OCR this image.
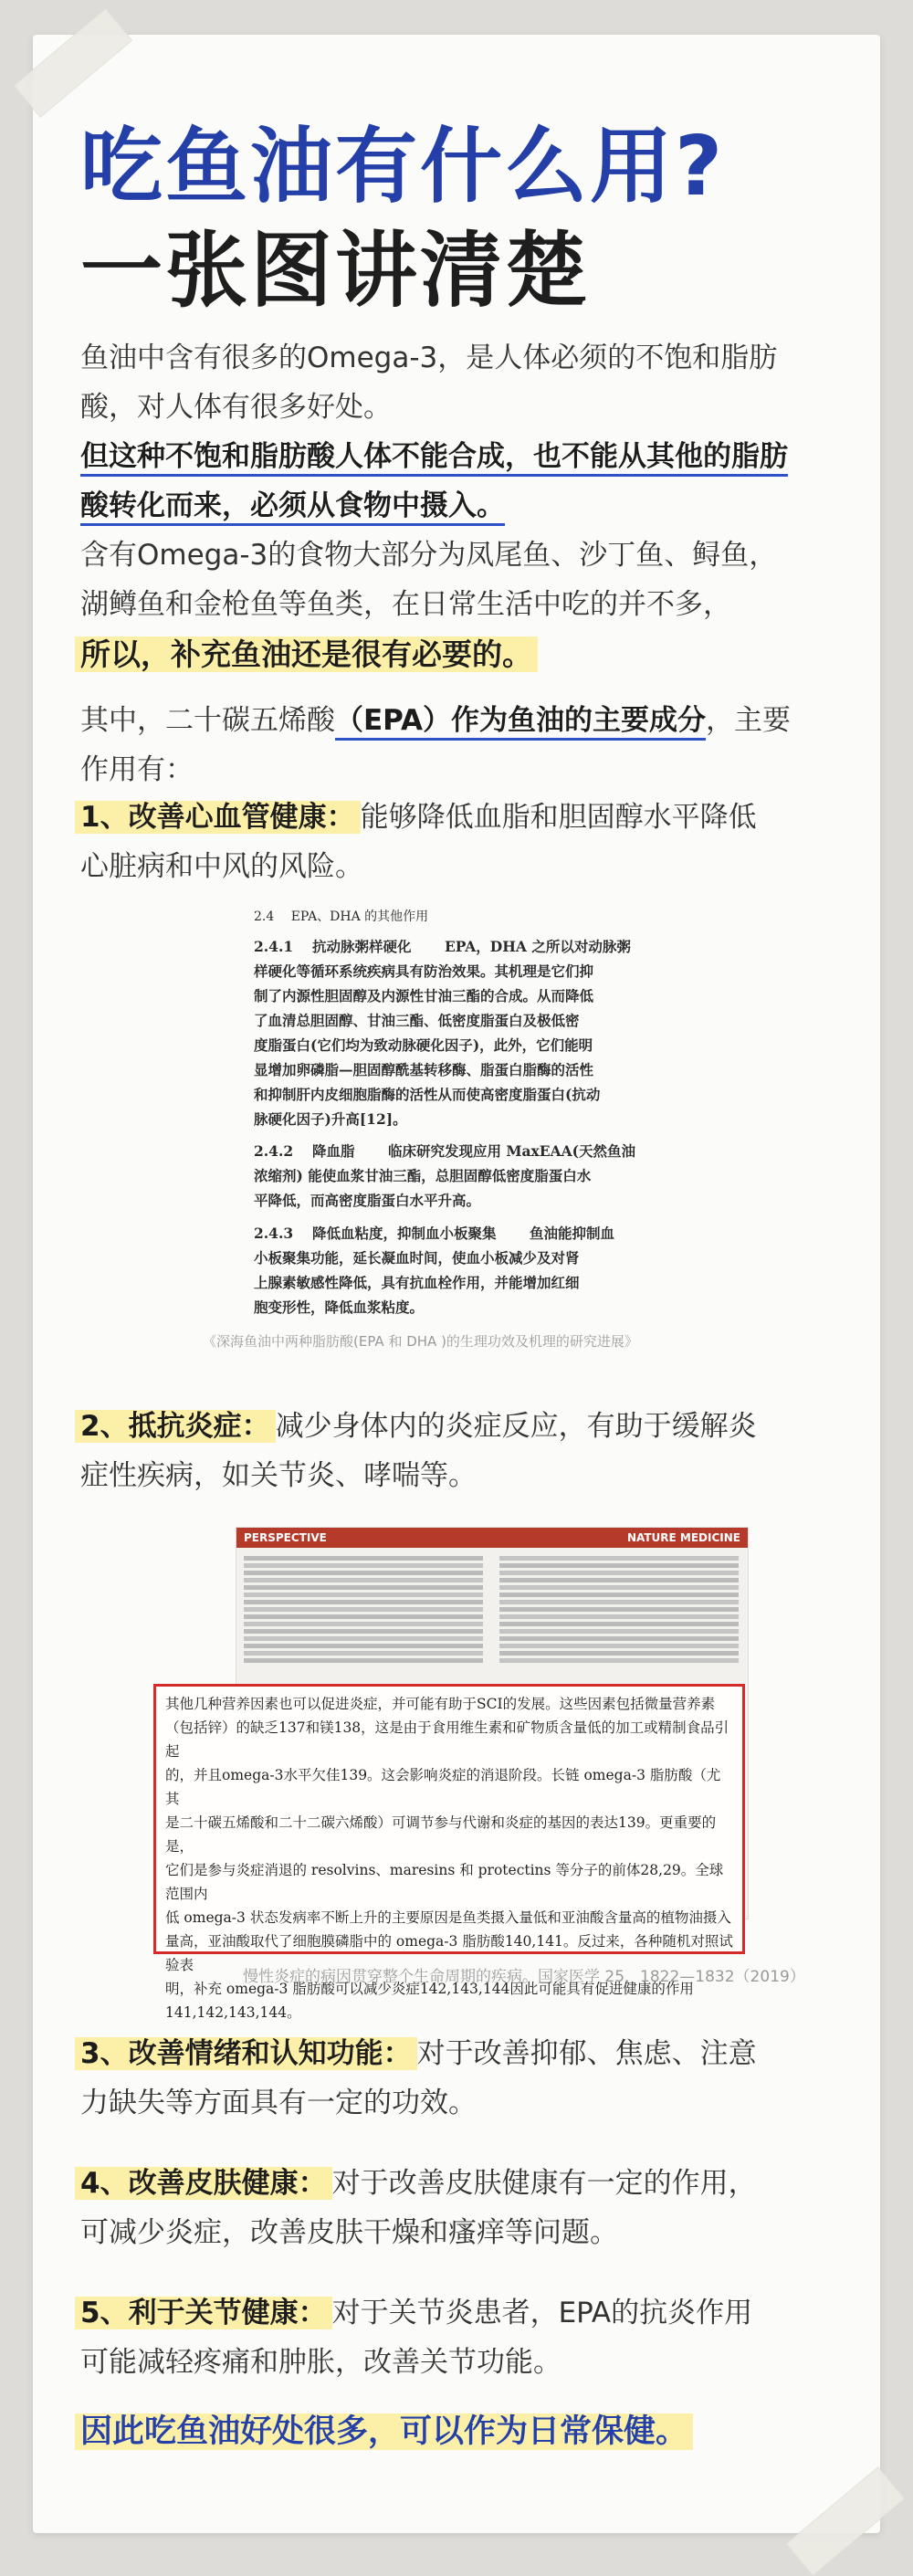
吃鱼油有什么用?
一张图讲清楚
鱼油中含有很多的Omega-3，是人体必须的不饱和脂肪
酸，对人体有很多好处。
但这种不饱和脂肪酸人体不能合成，也不能从其他的脂肪
酸转化而来，必须从食物中摄入。
含有Omega-3的食物大部分为凤尾鱼、沙丁鱼、鲟鱼，
湖鳟鱼和金枪鱼等鱼类，在日常生活中吃的并不多，
所以，补充鱼油还是很有必要的。
其中，二十碳五烯酸（EPA）作为鱼油的主要成分，主要
作用有：
1、改善心血管健康： 能够降低血脂和胆固醇水平降低
心脏病和中风的风险。
2.4　 EPA、DHA 的其他作用
2.4.1　 抗动脉粥样硬化　　 EPA，DHA 之所以对动脉粥
样硬化等循环系统疾病具有防治效果。其机理是它们抑
制了内源性胆固醇及内源性甘油三酯的合成。从而降低
了血清总胆固醇、甘油三酯、低密度脂蛋白及极低密
度脂蛋白(它们均为致动脉硬化因子)，此外，它们能明
显增加卵磷脂—胆固醇酰基转移酶、脂蛋白脂酶的活性
和抑制肝内皮细胞脂酶的活性从而使高密度脂蛋白(抗动
脉硬化因子)升高[12]。
2.4.2　 降血脂　　 临床研究发现应用 MaxEAA(天然鱼油
浓缩剂) 能使血浆甘油三酯，总胆固醇低密度脂蛋白水
平降低，而高密度脂蛋白水平升高。
2.4.3　 降低血粘度，抑制血小板聚集　　 鱼油能抑制血
小板聚集功能，延长凝血时间，使血小板减少及对肾
上腺素敏感性降低，具有抗血栓作用，并能增加红细
胞变形性，降低血浆粘度。
《深海鱼油中两种脂肪酸(EPA 和 DHA )的生理功效及机理的研究进展》
2、抵抗炎症： 减少身体内的炎症反应，有助于缓解炎
症性疾病，如关节炎、哮喘等。
PERSPECTIVE	NATURE MEDICINE
其他几种营养因素也可以促进炎症，并可能有助于SCI的发展。这些因素包括微量营养素
（包括锌）的缺乏137和镁138，这是由于食用维生素和矿物质含量低的加工或精制食品引起
的，并且omega-3水平欠佳139。这会影响炎症的消退阶段。长链 omega-3 脂肪酸（尤其
是二十碳五烯酸和二十二碳六烯酸）可调节参与代谢和炎症的基因的表达139。更重要的是，
它们是参与炎症消退的 resolvins、maresins 和 protectins 等分子的前体28,29。全球范围内
低 omega-3 状态发病率不断上升的主要原因是鱼类摄入量低和亚油酸含量高的植物油摄入
量高，亚油酸取代了细胞膜磷脂中的 omega-3 脂肪酸140,141。反过来，各种随机对照试验表
明，补充 omega-3 脂肪酸可以减少炎症142,143,144因此可能具有促进健康的作用141,142,143,144。
慢性炎症的病因贯穿整个生命周期的疾病。国家医学 25，1822—1832（2019）
3、改善情绪和认知功能： 对于改善抑郁、焦虑、注意
力缺失等方面具有一定的功效。
4、改善皮肤健康： 对于改善皮肤健康有一定的作用，
可减少炎症，改善皮肤干燥和瘙痒等问题。
5、利于关节健康： 对于关节炎患者，EPA的抗炎作用
可能减轻疼痛和肿胀，改善关节功能。
因此吃鱼油好处很多，可以作为日常保健。
